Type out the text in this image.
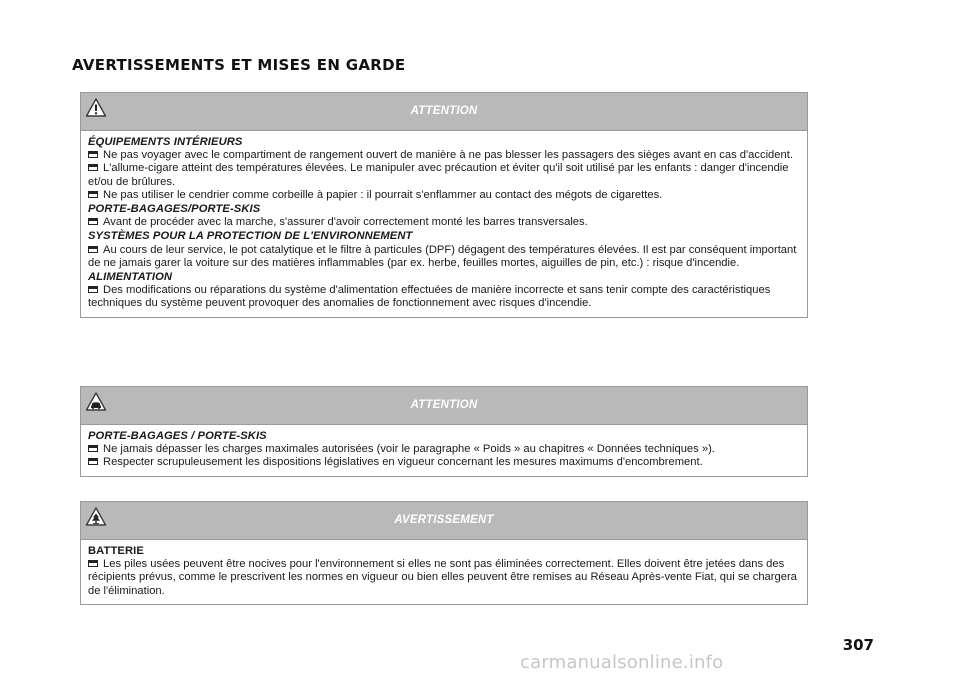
AVERTISSEMENTS ET MISES EN GARDE
ATTENTION
ÉQUIPEMENTS INTÉRIEURS

Ne pas voyager avec le compartiment de rangement ouvert de manière à ne pas blesser les passagers des sièges avant en cas d'accident.

L'allume-cigare atteint des températures élevées. Le manipuler avec précaution et éviter qu'il soit utilisé par les enfants : danger d'incendie et/ou de brûlures.

Ne pas utiliser le cendrier comme corbeille à papier : il pourrait s'enflammer au contact des mégots de cigarettes.

PORTE-BAGAGES/PORTE-SKIS

Avant de procéder avec la marche, s'assurer d'avoir correctement monté les barres transversales.

SYSTÈMES POUR LA PROTECTION DE L'ENVIRONNEMENT

Au cours de leur service, le pot catalytique et le filtre à particules (DPF) dégagent des températures élevées. Il est par conséquent important de ne jamais garer la voiture sur des matières inflammables (par ex. herbe, feuilles mortes, aiguilles de pin, etc.) : risque d'incendie.

ALIMENTATION

Des modifications ou réparations du système d'alimentation effectuées de manière incorrecte et sans tenir compte des caractéristiques techniques du système peuvent provoquer des anomalies de fonctionnement avec risques d'incendie.

ATTENTION
PORTE-BAGAGES / PORTE-SKIS

Ne jamais dépasser les charges maximales autorisées (voir le paragraphe « Poids » au chapitres « Données techniques »).

Respecter scrupuleusement les dispositions législatives en vigueur concernant les mesures maximums d'encombrement.

AVERTISSEMENT
BATTERIE

Les piles usées peuvent être nocives pour l'environnement si elles ne sont pas éliminées correctement. Elles doivent être jetées dans des récipients prévus, comme le prescrivent les normes en vigueur ou bien elles peuvent être remises au Réseau Après-vente Fiat, qui se chargera de l'élimination.

307
carmanualsonline.info
